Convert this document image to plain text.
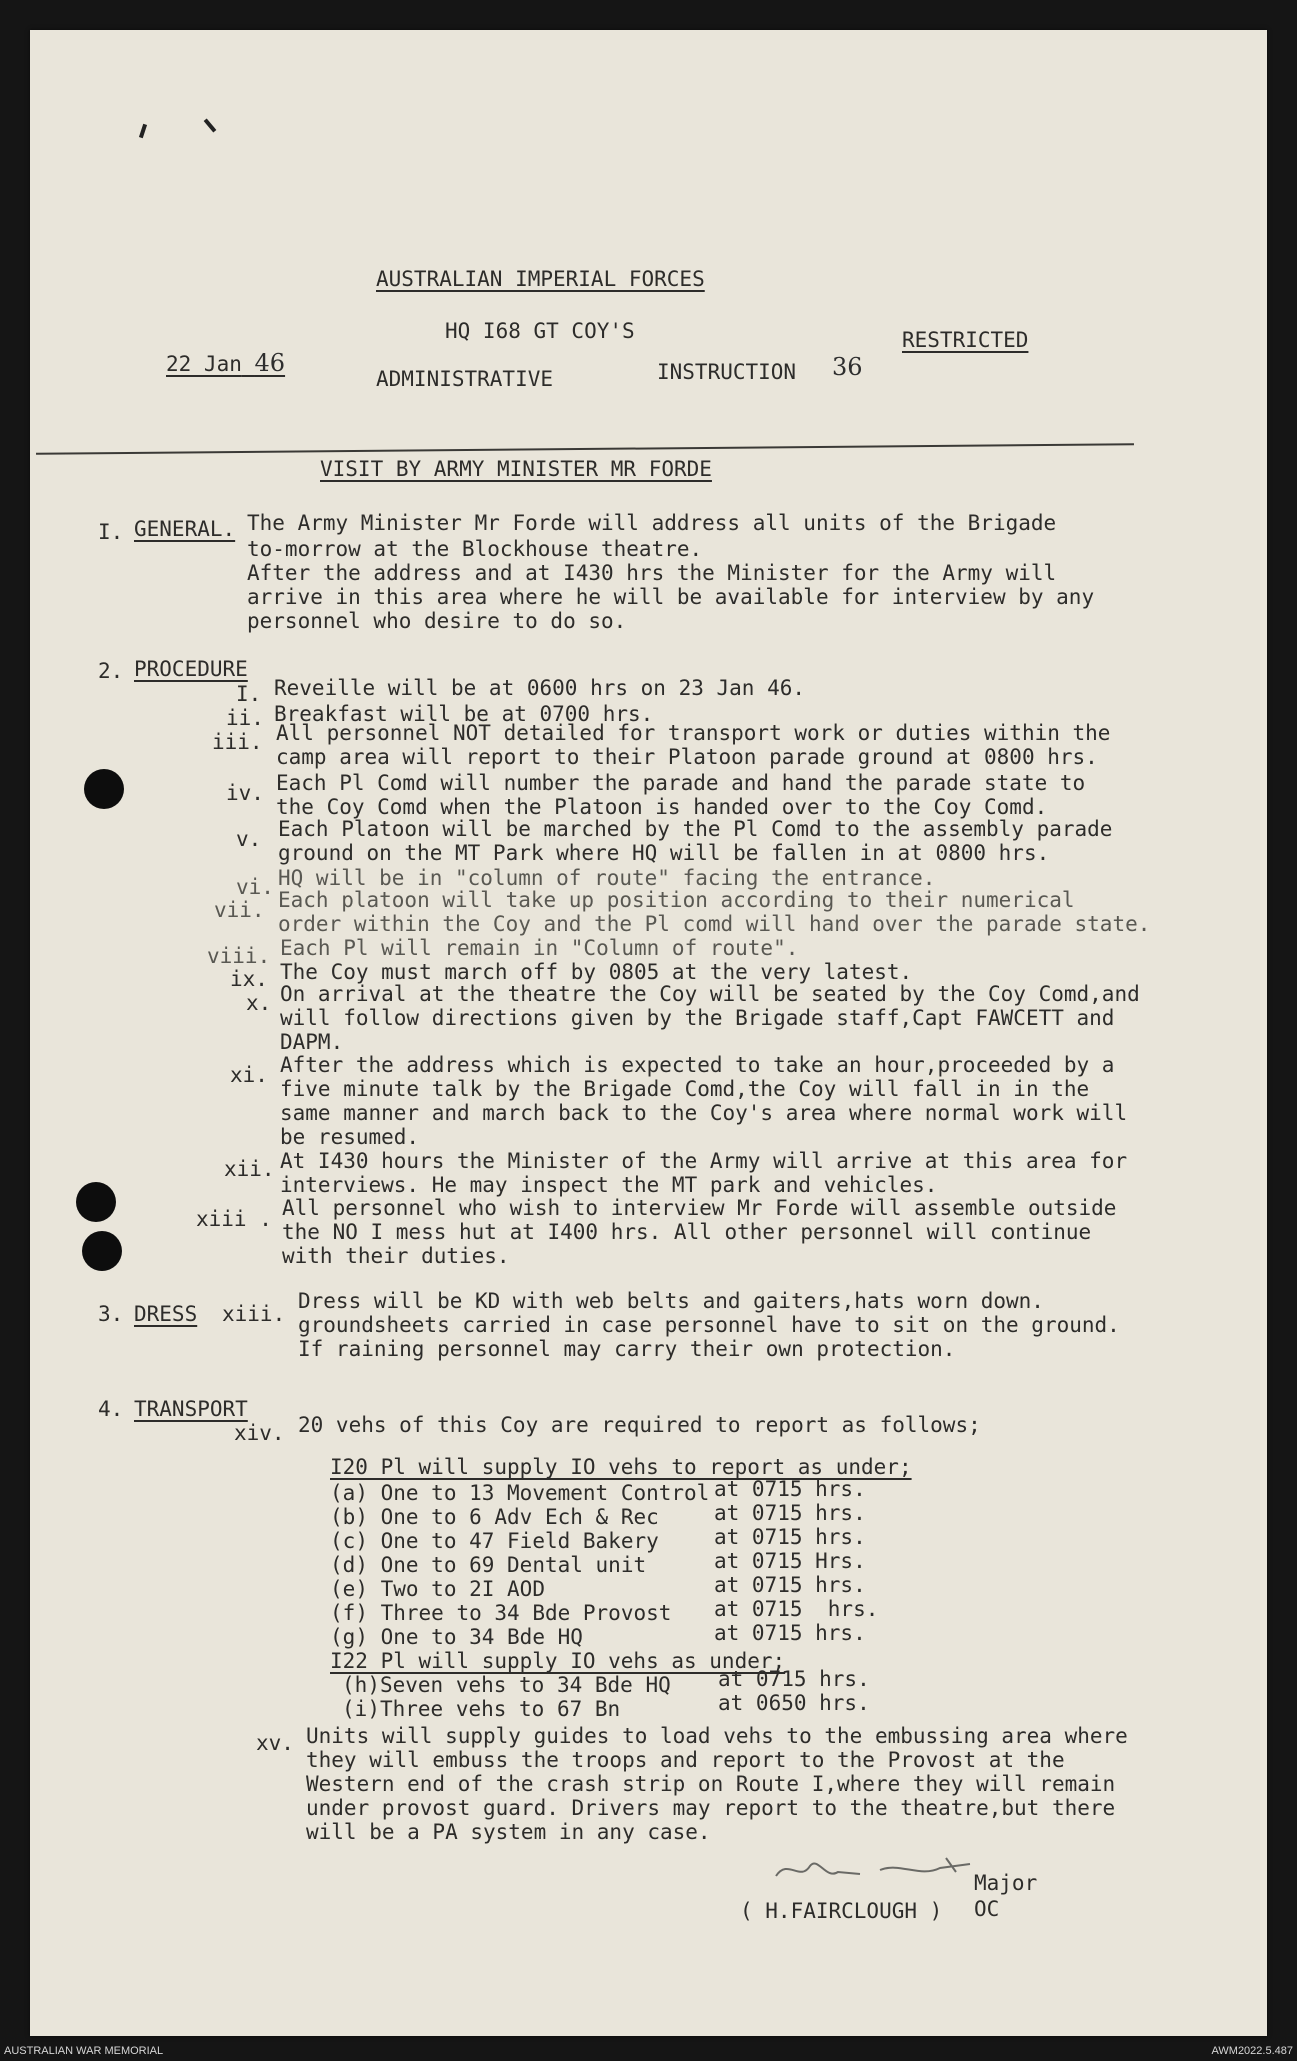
AUSTRALIAN IMPERIAL FORCES
HQ I68 GT COY'S	RESTRICTED
22 Jan 46
ADMINISTRATIVE	INSTRUCTION 36
VISIT BY ARMY MINISTER MR FORDE
I. GENERAL. The Army Minister Mr Forde will address all units of the Brigade
to-morrow at the Blockhouse theatre.
After the address and at I430 hrs the Minister for the Army will
arrive in this area where he will be available for interview by any
personnel who desire to do so.
2. PROCEDURE
I. Reveille will be at 0600 hrs on 23 Jan 46.
ii. Breakfast will be at 0700 hrs.
iii. All personnel NOT detailed for transport work or duties within the
camp area will report to their Platoon parade ground at 0800 hrs.
iv. Each Pl Comd will number the parade and hand the parade state to
the Coy Comd when the Platoon is handed over to the Coy Comd.
v. Each Platoon will be marched by the Pl Comd to the assembly parade
ground on the MT Park where HQ will be fallen in at 0800 hrs.
vi. HQ will be in "column of route" facing the entrance.
vii. Each platoon will take up position according to their numerical
order within the Coy and the Pl comd will hand over the parade state.
viii. Each Pl will remain in "Column of route".
ix. The Coy must march off by 0805 at the very latest.
x. On arrival at the theatre the Coy will be seated by the Coy Comd,and
will follow directions given by the Brigade staff,Capt FAWCETT and
DAPM.
xi. After the address which is expected to take an hour,proceeded by a
five minute talk by the Brigade Comd,the Coy will fall in in the
same manner and march back to the Coy's area where normal work will
be resumed.
xii. At I430 hours the Minister of the Army will arrive at this area for
interviews. He may inspect the MT park and vehicles.
xiii . All personnel who wish to interview Mr Forde will assemble outside
the NO I mess hut at I400 hrs. All other personnel will continue
with their duties.
3. DRESS xiii.
Dress will be KD with web belts and gaiters,hats worn down.
groundsheets carried in case personnel have to sit on the ground.
If raining personnel may carry their own protection.
4. TRANSPORT
xiv. 20 vehs of this Coy are required to report as follows;
I20 Pl will supply IO vehs to report as under;
(a) One to 13 Movement Control at 0715 hrs.
(b) One to 6 Adv Ech & Rec	at 0715 hrs.
(c) One to 47 Field Bakery	at 0715 hrs.
(d) One to 69 Dental unit	at 0715 Hrs.
(e) Two to 2I AOD	at 0715 hrs.
(f) Three to 34 Bde Provost at 0715  hrs.
(g) One to 34 Bde HQ	at 0715 hrs.
I22 Pl will supply IO vehs as under;
(h)Seven vehs to 34 Bde HQ at 0715 hrs.
(i)Three vehs to 67 Bn	at 0650 hrs.
xv. Units will supply guides to load vehs to the embussing area where
they will embuss the troops and report to the Provost at the
Western end of the crash strip on Route I,where they will remain
under provost guard. Drivers may report to the theatre,but there
will be a PA system in any case.
Major
( H.FAIRCLOUGH ) OC
AUSTRALIAN WAR MEMORIAL	AWM2022.5.487
